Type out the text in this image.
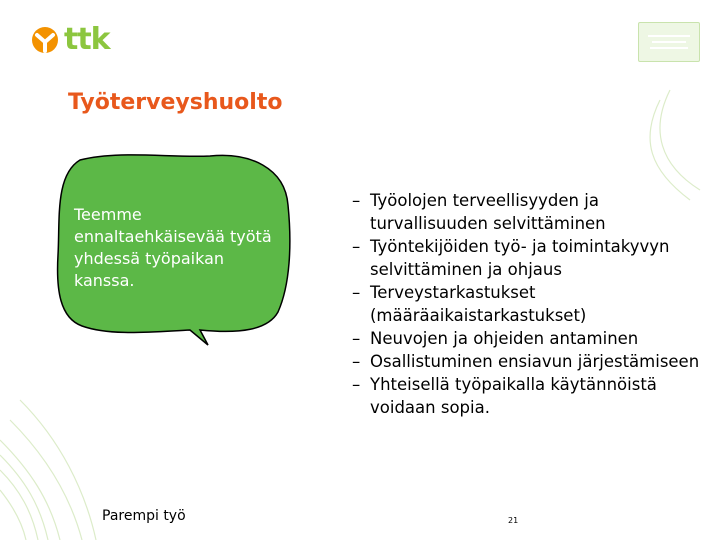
ttk
Työterveyshuolto

Teemme ennaltaehkäisevää työtä yhdessä työpaikan kanssa.

– Työolojen terveellisyyden ja turvallisuuden selvittäminen
– Työntekijöiden työ- ja toimintakyvyn selvittäminen ja ohjaus
– Terveystarkastukset (määräaikaistarkastukset)
– Neuvojen ja ohjeiden antaminen
– Osallistuminen ensiavun järjestämiseen
– Yhteisellä työpaikalla käytännöistä voidaan sopia.
Parempi työ	21
